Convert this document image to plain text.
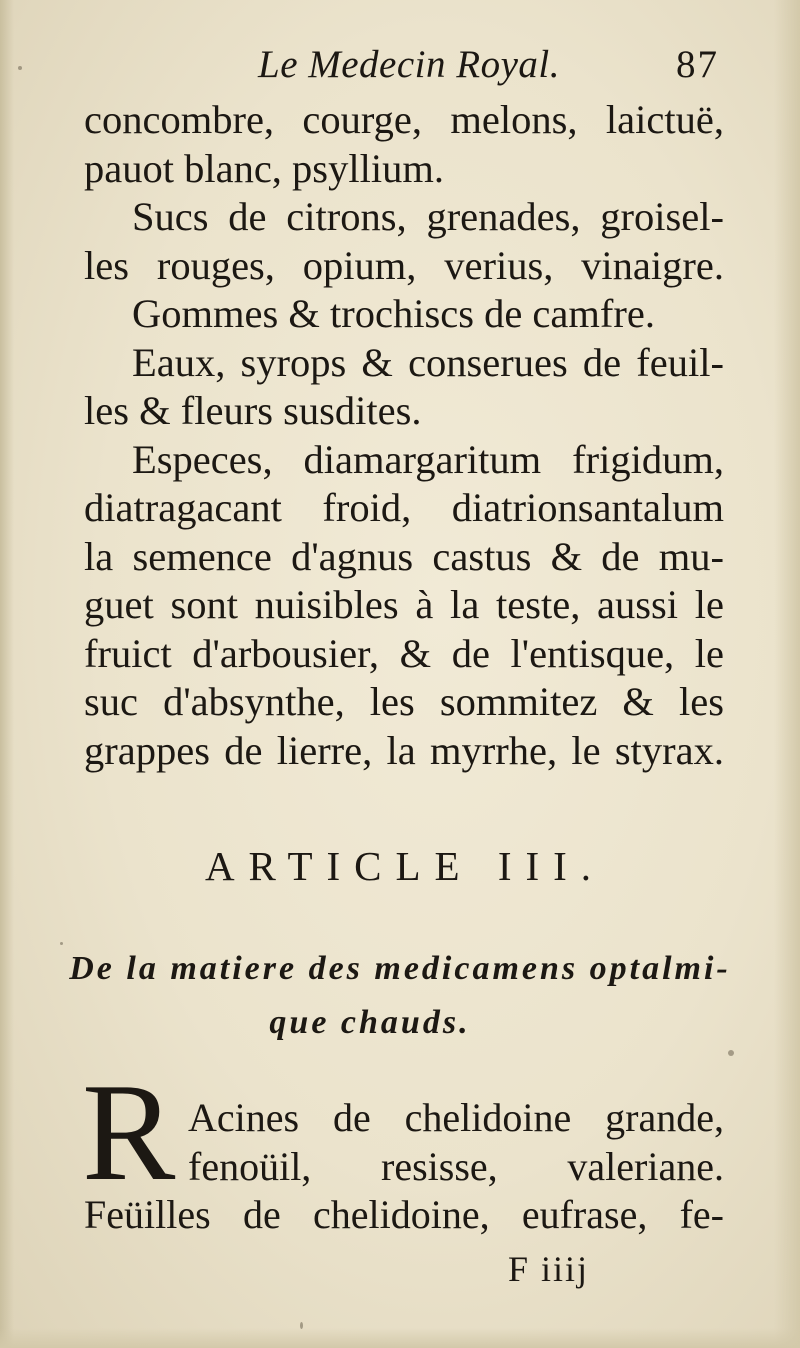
Le Medecin Royal.	87
concombre, courge, melons, laictuë,
pauot blanc, psyllium.
Sucs de citrons, grenades, groisel-
les rouges, opium, verius, vinaigre.
Gommes & trochiscs de camfre.
Eaux, syrops & conserues de feuil-
les & fleurs susdites.
Especes, diamargaritum frigidum,
diatragacant froid, diatrionsantalum
la semence d'agnus castus & de mu-
guet sont nuisibles à la teste, aussi le
fruict d'arbousier, & de l'entisque, le
suc d'absynthe, les sommitez & les
grappes de lierre, la myrrhe, le styrax.
ARTICLE III.
De la matiere des medicamens optalmi-
que chauds.
R Acines de chelidoine grande,
fenoüil, resisse, valeriane.
Feüilles de chelidoine, eufrase, fe-
F iiij
